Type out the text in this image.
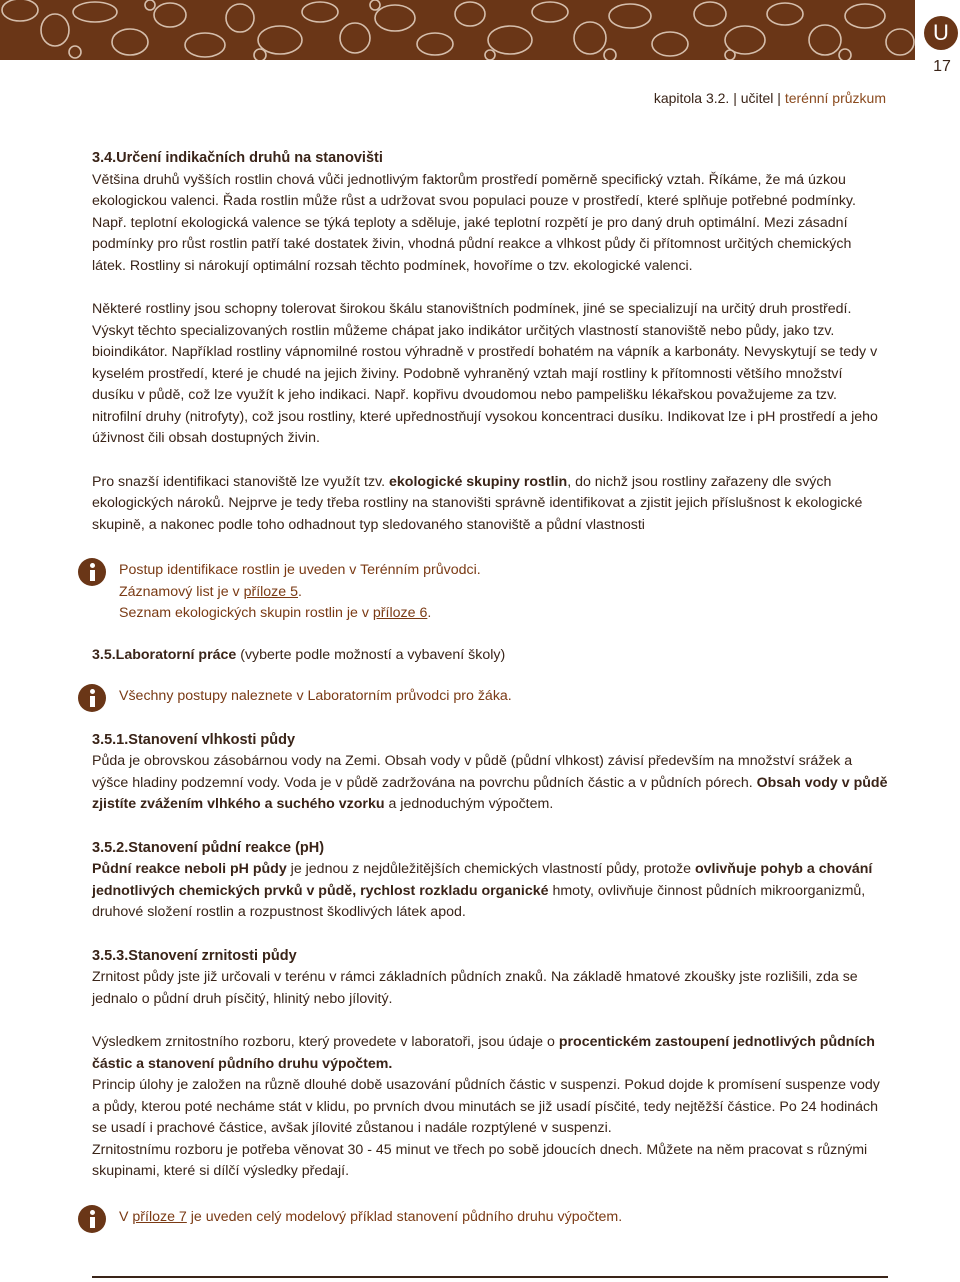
U
17
kapitola 3.2. | učitel | terénní průzkum
3.4.Určení indikačních druhů na stanovišti

Většina druhů vyšších rostlin chová vůči jednotlivým faktorům prostředí poměrně specifický vztah. Říkáme, že má úzkou ekologickou valenci. Řada rostlin může růst a udržovat svou populaci pouze v prostředí, které splňuje potřebné podmínky. Např. teplotní ekologická valence se týká teploty a sděluje, jaké teplotní rozpětí je pro daný druh optimální. Mezi zásadní podmínky pro růst rostlin patří také dostatek živin, vhodná půdní reakce a vlhkost půdy či přítomnost určitých chemických látek. Rostliny si nárokují optimální rozsah těchto podmínek, hovoříme o tzv. ekologické valenci.

Některé rostliny jsou schopny tolerovat širokou škálu stanovištních podmínek, jiné se specializují na určitý druh prostředí. Výskyt těchto specializovaných rostlin můžeme chápat jako indikátor určitých vlastností stanoviště nebo půdy, jako tzv. bioindikátor. Například rostliny vápnomilné rostou výhradně v prostředí bohatém na vápník a karbonáty. Nevyskytují se tedy v kyselém prostředí, které je chudé na jejich živiny. Podobně vyhraněný vztah mají rostliny k přítomnosti většího množství dusíku v půdě, což lze využít k jeho indikaci. Např. kopřivu dvoudomou nebo pampelišku lékařskou považujeme za tzv. nitrofilní druhy (nitrofyty), což jsou rostliny, které upřednostňují vysokou koncentraci dusíku. Indikovat lze i pH prostředí a jeho úživnost čili obsah dostupných živin.

Pro snazší identifikaci stanoviště lze využít tzv. ekologické skupiny rostlin, do nichž jsou rostliny zařazeny dle svých ekologických nároků. Nejprve je tedy třeba rostliny na stanovišti správně identifikovat a zjistit jejich příslušnost k ekologické skupině, a nakonec podle toho odhadnout typ sledovaného stanoviště a půdní vlastnosti

Postup identifikace rostlin je uveden v Terénním průvodci.

Záznamový list je v příloze 5.

Seznam ekologických skupin rostlin je v příloze 6.

3.5.Laboratorní práce (vyberte podle možností a vybavení školy)

Všechny postupy naleznete v Laboratorním průvodci pro žáka.

3.5.1.Stanovení vlhkosti půdy

Půda je obrovskou zásobárnou vody na Zemi. Obsah vody v půdě (půdní vlhkost) závisí především na množství srážek a výšce hladiny podzemní vody. Voda je v půdě zadržována na povrchu půdních částic a v půdních pórech. Obsah vody v půdě zjistíte zvážením vlhkého a suchého vzorku a jednoduchým výpočtem.

3.5.2.Stanovení půdní reakce (pH)

Půdní reakce neboli pH půdy je jednou z nejdůležitějších chemických vlastností půdy, protože ovlivňuje pohyb a chování jednotlivých chemických prvků v půdě, rychlost rozkladu organické hmoty, ovlivňuje činnost půdních mikroorganizmů, druhové složení rostlin a rozpustnost škodlivých látek apod.

3.5.3.Stanovení zrnitosti půdy

Zrnitost půdy jste již určovali v terénu v rámci základních půdních znaků. Na základě hmatové zkoušky jste rozlišili, zda se jednalo o půdní druh písčitý, hlinitý nebo jílovitý.

Výsledkem zrnitostního rozboru, který provedete v laboratoři, jsou údaje o procentickém zastoupení jednotlivých půdních částic a stanovení půdního druhu výpočtem.

Princip úlohy je založen na různě dlouhé době usazování půdních částic v suspenzi. Pokud dojde k promísení suspenze vody a půdy, kterou poté necháme stát v klidu, po prvních dvou minutách se již usadí písčité, tedy nejtěžší částice. Po 24 hodinách se usadí i prachové částice, avšak jílovité zůstanou i nadále rozptýlené v suspenzi.

Zrnitostnímu rozboru je potřeba věnovat 30 - 45 minut ve třech po sobě jdoucích dnech. Můžete na něm pracovat s různými skupinami, které si dílčí výsledky předají.

V příloze 7 je uveden celý modelový příklad stanovení půdního druhu výpočtem.
